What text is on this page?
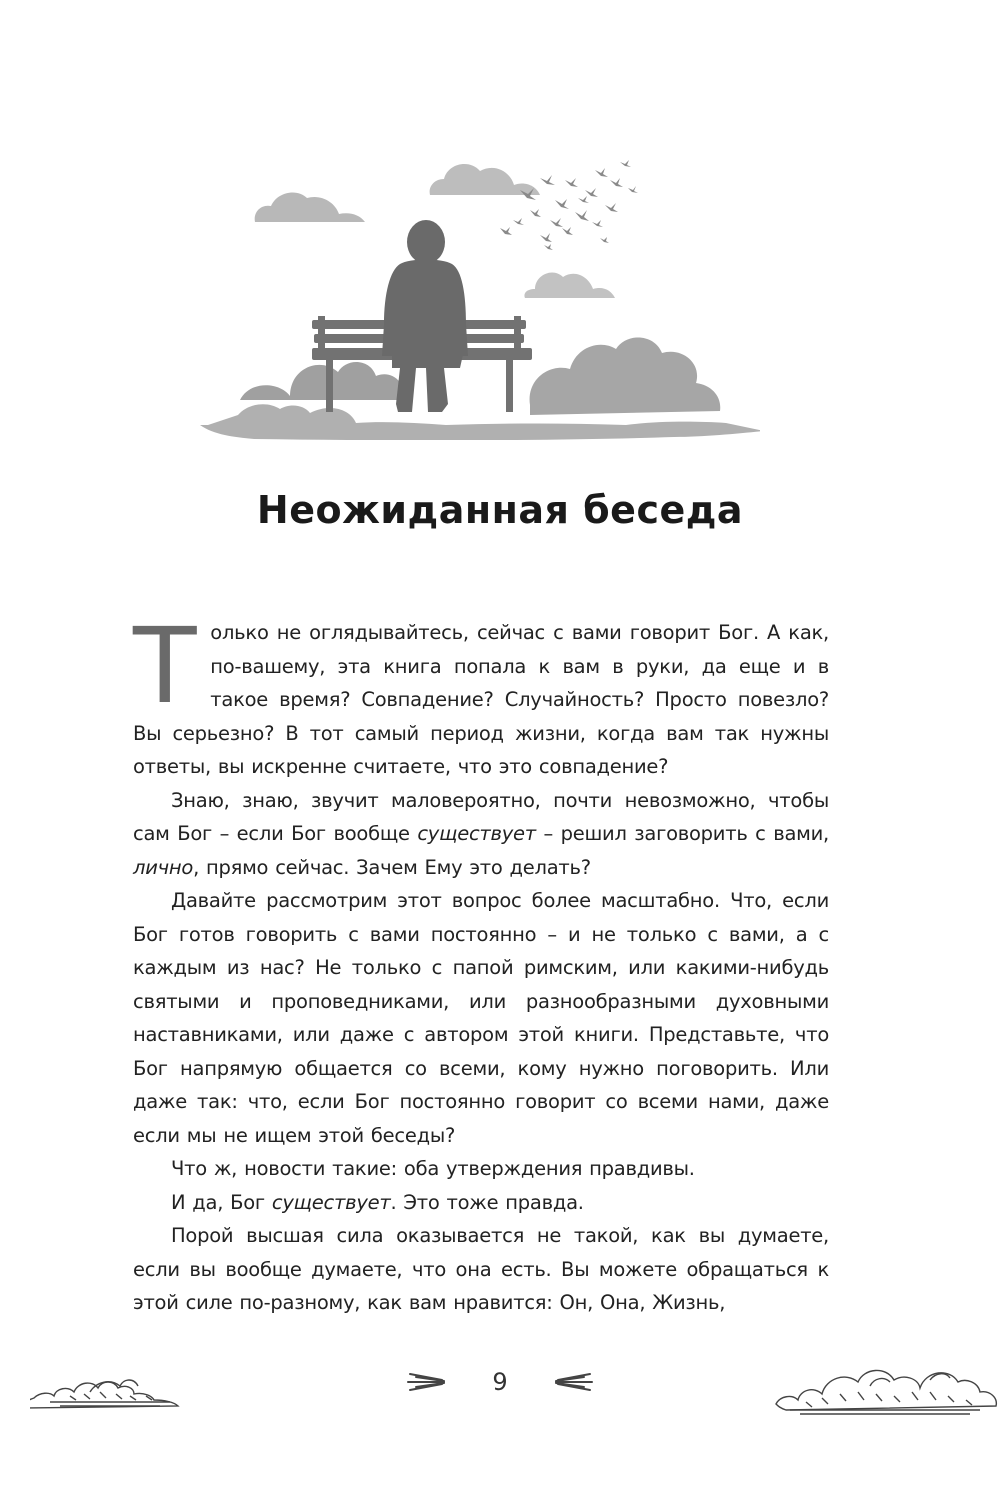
Неожиданная беседа

Только не оглядывайтесь, сейчас с вами говорит Бог. А как, по-вашему, эта книга попала к вам в руки, да еще и в такое время? Совпадение? Случайность? Просто повезло? Вы серьезно? В тот самый период жизни, когда вам так нужны ответы, вы искренне считаете, что это совпадение?

Знаю, знаю, звучит маловероятно, почти невозможно, чтобы сам Бог – если Бог вообще существует – решил заговорить с вами, лично, прямо сейчас. Зачем Ему это делать?

Давайте рассмотрим этот вопрос более масштабно. Что, если Бог готов говорить с вами постоянно – и не только с вами, а с каждым из нас? Не только с папой римским, или какими-нибудь святыми и проповедниками, или разнообразными духовными наставниками, или даже с автором этой книги. Представьте, что Бог напрямую общается со всеми, кому нужно поговорить. Или даже так: что, если Бог постоянно говорит со всеми нами, даже если мы не ищем этой беседы?

Что ж, новости такие: оба утверждения правдивы.

И да, Бог существует. Это тоже правда.

Порой высшая сила оказывается не такой, как вы думаете, если вы вообще думаете, что она есть. Вы можете обращаться к этой силе по-разному, как вам нравится: Он, Она, Жизнь,

9
